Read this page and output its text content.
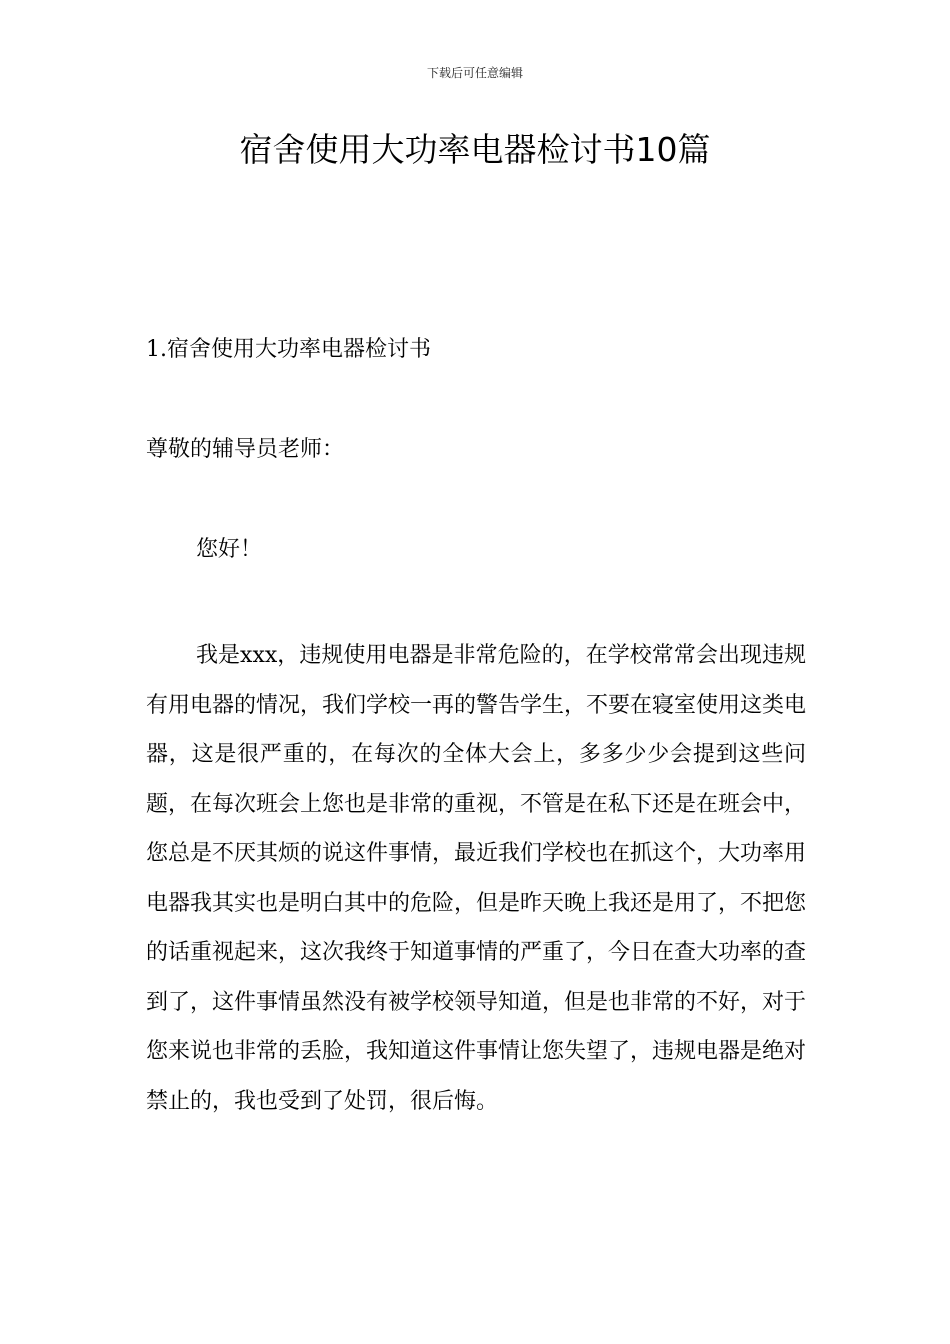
下载后可任意编辑
宿舍使用大功率电器检讨书10篇
1.宿舍使用大功率电器检讨书
尊敬的辅导员老师：
您好！

我是xxx，违规使用电器是非常危险的，在学校常常会出现违规有用电器的情况，我们学校一再的警告学生，不要在寝室使用这类电器，这是很严重的，在每次的全体大会上，多多少少会提到这些问题，在每次班会上您也是非常的重视，不管是在私下还是在班会中，您总是不厌其烦的说这件事情，最近我们学校也在抓这个，大功率用电器我其实也是明白其中的危险，但是昨天晚上我还是用了，不把您的话重视起来，这次我终于知道事情的严重了，今日在查大功率的查到了，这件事情虽然没有被学校领导知道，但是也非常的不好，对于您来说也非常的丢脸，我知道这件事情让您失望了，违规电器是绝对禁止的，我也受到了处罚，很后悔。
